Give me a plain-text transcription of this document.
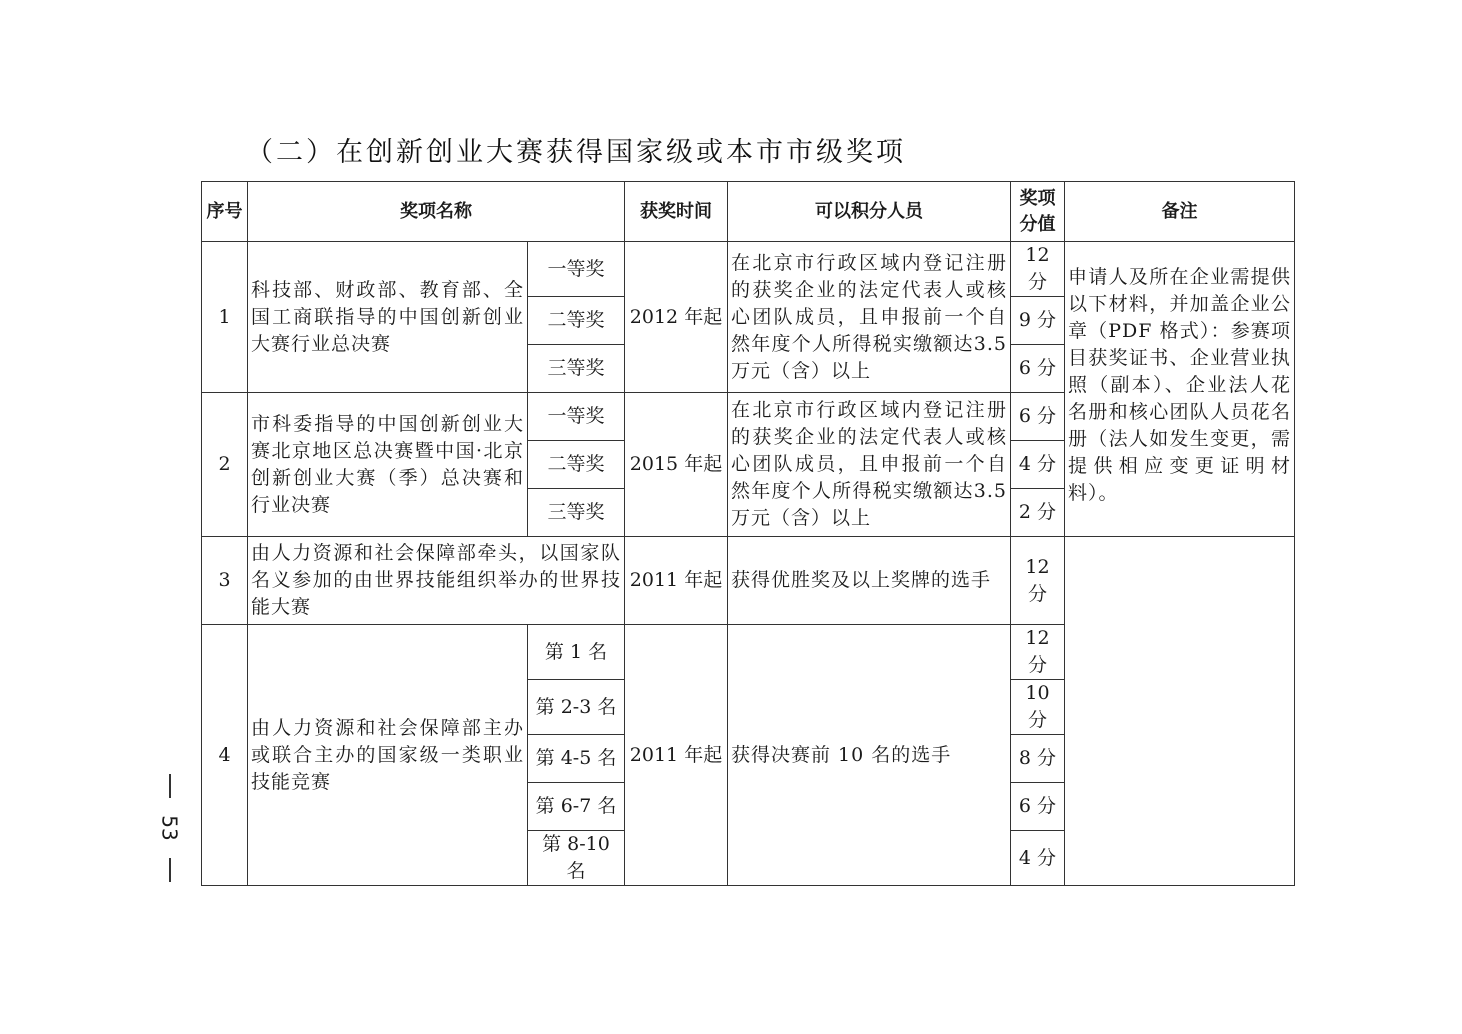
（二）在创新创业大赛获得国家级或本市市级奖项
序号	奖项名称		获奖时间	可以积分人员	奖项分值	备注
1	科技部、财政部、教育部、全国工商联指导的中国创新创业大赛行业总决赛	一等奖	2012 年起	在北京市行政区域内登记注册的获奖企业的法定代表人或核心团队成员，且申报前一个自然年度个人所得税实缴额达3.5 万元（含）以上	12 分	申请人及所在企业需提供以下材料，并加盖企业公章（PDF 格式）：参赛项目获奖证书、企业营业执照（副本）、企业法人花名册和核心团队人员花名册（法人如发生变更，需提供相应变更证明材料）。
		二等奖			9 分	
		三等奖			6 分	
2	市科委指导的中国创新创业大赛北京地区总决赛暨中国·北京创新创业大赛（季）总决赛和行业决赛	一等奖	2015 年起	在北京市行政区域内登记注册的获奖企业的法定代表人或核心团队成员，且申报前一个自然年度个人所得税实缴额达3.5 万元（含）以上	6 分	
		二等奖			4 分	
		三等奖			2 分	
3	由人力资源和社会保障部牵头，以国家队名义参加的由世界技能组织举办的世界技能大赛		2011 年起	获得优胜奖及以上奖牌的选手	12 分	
4	由人力资源和社会保障部主办或联合主办的国家级一类职业技能竞赛	第 1 名	2011 年起	获得决赛前 10 名的选手	12 分	
		第 2-3 名			10 分	
		第 4-5 名			8 分	
		第 6-7 名			6 分	
		第 8-10 名			4 分	
53
